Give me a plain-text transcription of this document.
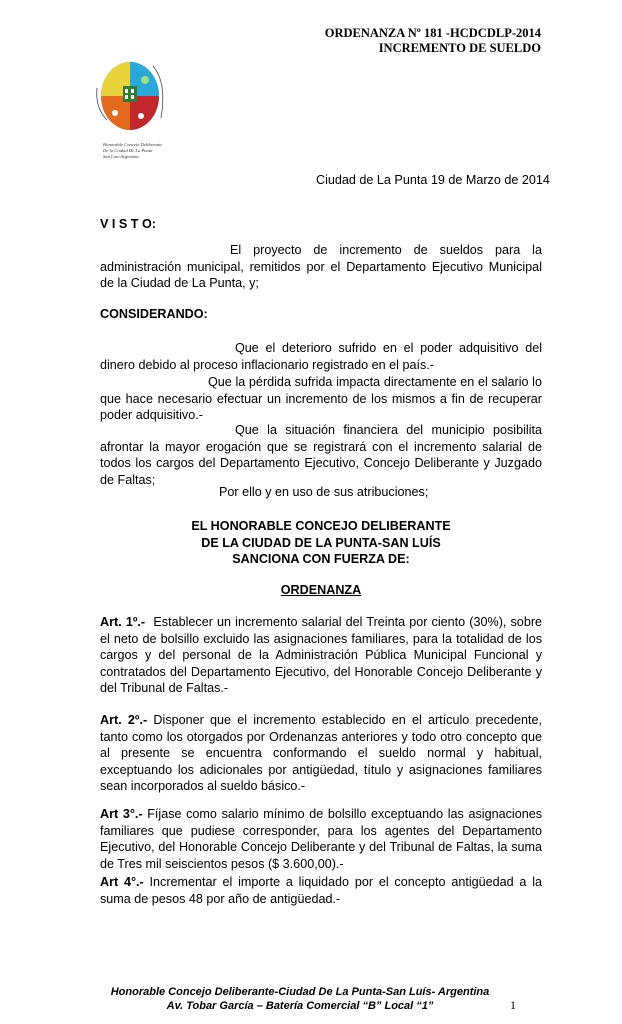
ORDENANZA Nº 181 -HCDCDLP-2014
INCREMENTO DE SUELDO
Honorable Concejo Deliberante
De la Ciudad De La Punta
San Luis-Argentina
Ciudad de La Punta 19 de Marzo de 2014
V I S T O:
El proyecto de incremento de sueldos para la administración municipal, remitidos por el Departamento Ejecutivo Municipal de la Ciudad de La Punta, y;
CONSIDERANDO:
Que el deterioro sufrido en el poder adquisitivo del dinero debido al proceso inflacionario registrado en el país.-
Que la pérdida sufrida impacta directamente en el salario lo que hace necesario efectuar un incremento de los mismos a fin de recuperar poder adquisitivo.-
Que la situación financiera del municipio posibilita afrontar la mayor erogación que se registrará con el incremento salarial de todos los cargos del Departamento Ejecutivo, Concejo Deliberante y Juzgado de Faltas;
Por ello y en uso de sus atribuciones;
EL HONORABLE CONCEJO DELIBERANTE
DE LA CIUDAD DE LA PUNTA-SAN LUÍS
SANCIONA CON FUERZA DE:
ORDENANZA
Art. 1º.- Establecer un incremento salarial del Treinta por ciento (30%), sobre el neto de bolsillo excluido las asignaciones familiares, para la totalidad de los cargos y del personal de la Administración Pública Municipal Funcional y contratados del Departamento Ejecutivo, del Honorable Concejo Deliberante y del Tribunal de Faltas.-
Art. 2º.- Disponer que el incremento establecido en el artículo precedente, tanto como los otorgados por Ordenanzas anteriores y todo otro concepto que al presente se encuentra conformando el sueldo normal y habitual, exceptuando los adicionales por antigüedad, título y asignaciones familiares sean incorporados al sueldo básico.-
Art 3°.- Fíjase como salario mínimo de bolsillo exceptuando las asignaciones familiares que pudiese corresponder, para los agentes del Departamento Ejecutivo, del Honorable Concejo Deliberante y del Tribunal de Faltas, la suma de Tres mil seiscientos pesos ($ 3.600,00).-
Art 4°.- Incrementar el importe a liquidado por el concepto antigüedad a la suma de pesos 48 por año de antigüedad.-
Honorable Concejo Deliberante-Ciudad De La Punta-San Luís- Argentina
Av. Tobar García – Batería Comercial “B” Local “1”	1
